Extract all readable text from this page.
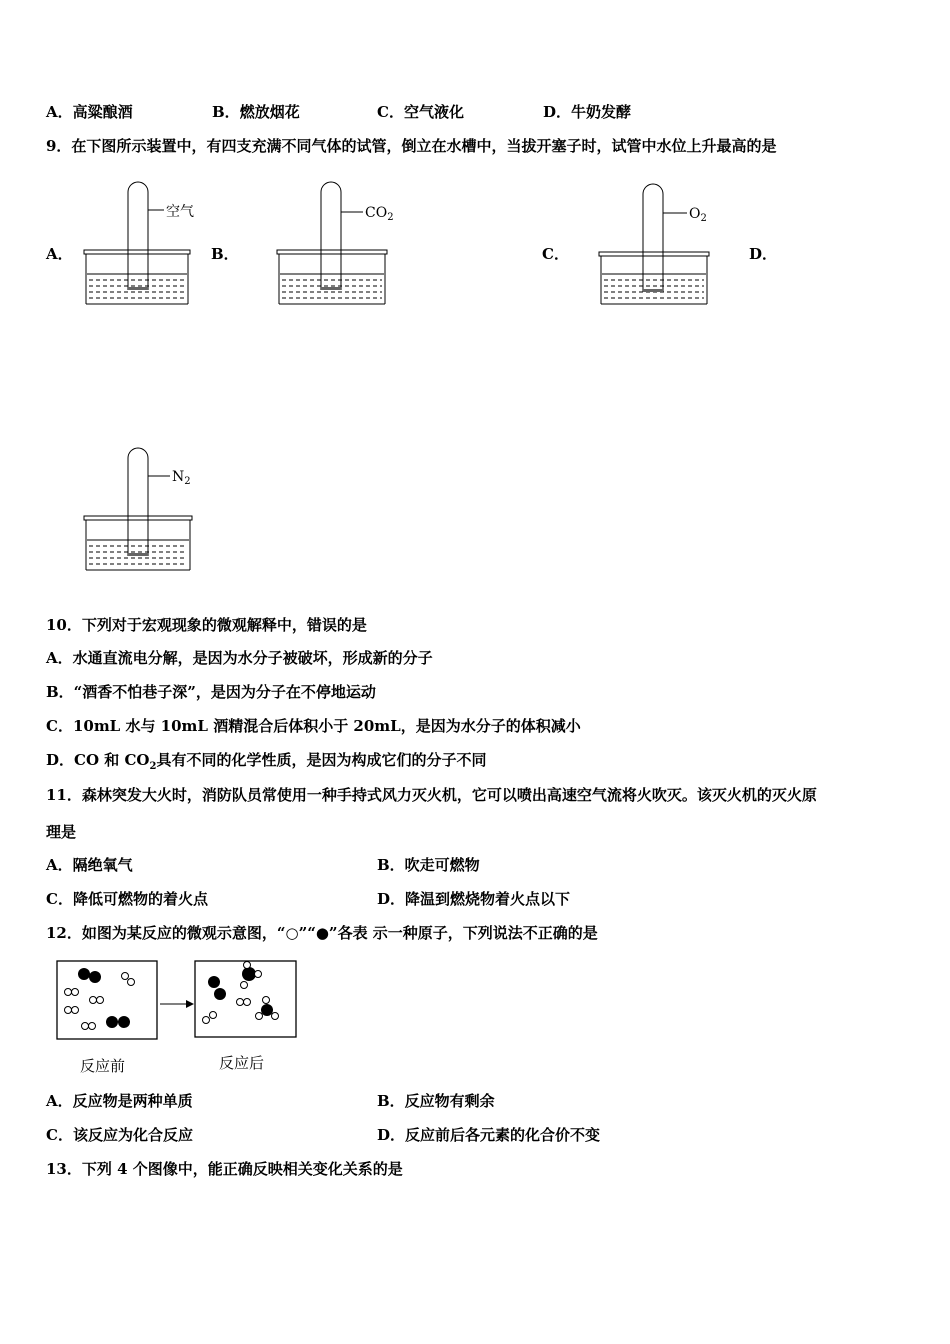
A．高粱酿酒	B．燃放烟花	C．空气液化	D．牛奶发酵
9．在下图所示装置中，有四支充满不同气体的试管，倒立在水槽中，当拔开塞子时，试管中水位上升最高的是
A．	B．	C．	D．
空气	$CO_2$	$O_2$
$N_2$
10．下列对于宏观现象的微观解释中，错误的是
A．水通直流电分解，是因为水分子被破坏，形成新的分子
B．“酒香不怕巷子深”，是因为分子在不停地运动
C．10mL 水与 10mL 酒精混合后体积小于 20mL，是因为水分子的体积减小
D．CO 和 $CO_2$具有不同的化学性质，是因为构成它们的分子不同
11．森林突发大火时，消防队员常使用一种手持式风力灭火机，它可以喷出高速空气流将火吹灭。该灭火机的灭火原
理是
A．隔绝氧气	B．吹走可燃物
C．降低可燃物的着火点	D．降温到燃烧物着火点以下
12．如图为某反应的微观示意图，“○”“●”各表 示一种原子，下列说法不正确的是
反应前	反应后
A．反应物是两种单质	B．反应物有剩余
C．该反应为化合反应	D．反应前后各元素的化合价不变
13．下列 4 个图像中，能正确反映相关变化关系的是
